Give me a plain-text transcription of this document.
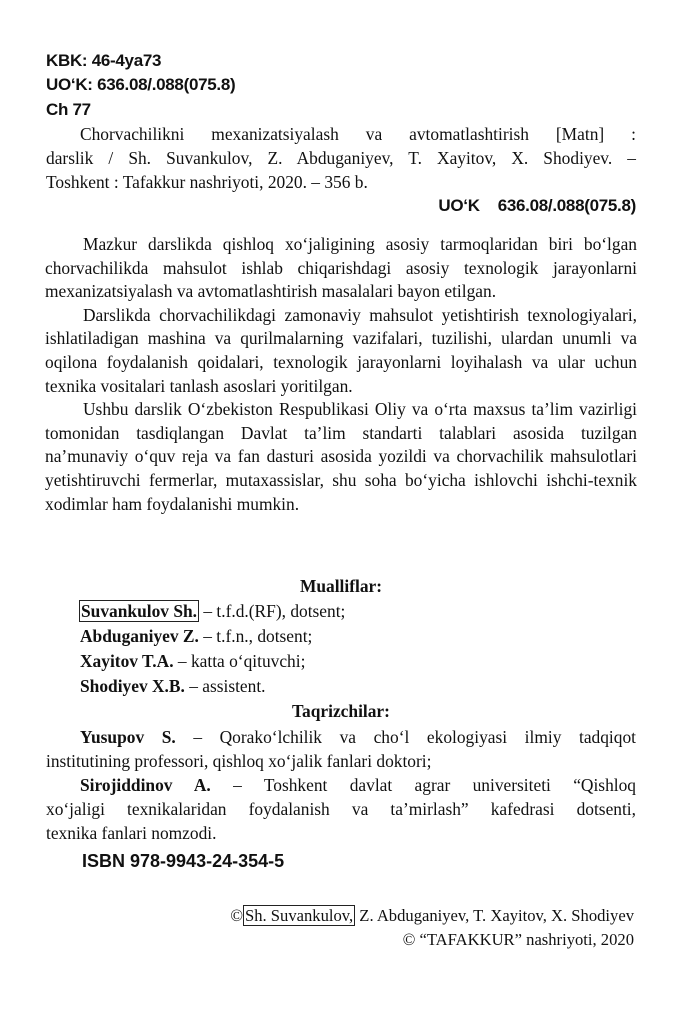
KBK: 46-4ya73
UO‘K: 636.08/.088(075.8)
Ch 77
Chorvachilikni mexanizatsiyalash va avtomatlashtirish [Matn] :
darslik / Sh. Suvankulov, Z. Abduganiyev, T. Xayitov, X. Shodiyev. –
Toshkent : Tafakkur nashriyoti, 2020. – 356 b.
UO‘K 636.08/.088(075.8)

Mazkur darslikda qishloq xo‘jaligining asosiy tarmoqlaridan biri bo‘lgan chorvachilikda mahsulot ishlab chiqarishdagi asosiy texnologik jarayonlarni mexanizatsiyalash va avtomatlashtirish masalalari bayon etilgan.

Darslikda chorvachilikdagi zamonaviy mahsulot yetishtirish texnologiyalari, ishlatiladigan mashina va qurilmalarning vazifalari, tuzilishi, ulardan unumli va oqilona foydalanish qoidalari, texnologik jarayonlarni loyihalash va ular uchun texnika vositalari tanlash asoslari yoritilgan.

Ushbu darslik O‘zbekiston Respublikasi Oliy va o‘rta maxsus ta’lim vazirligi tomonidan tasdiqlangan Davlat ta’lim standarti talablari asosida tuzilgan na’munaviy o‘quv reja va fan dasturi asosida yozildi va chorvachilik mahsulotlari yetishtiruvchi fermerlar, mutaxassislar, shu soha bo‘yicha ishlovchi ishchi-texnik xodimlar ham foydalanishi mumkin.

Mualliflar:
Suvankulov Sh. – t.f.d.(RF), dotsent;
Abduganiyev Z. – t.f.n., dotsent;
Xayitov T.A. – katta o‘qituvchi;
Shodiyev X.B. – assistent.
Taqrizchilar:
Yusupov S. – Qorako‘lchilik va cho‘l ekologiyasi ilmiy tadqiqot
institutining professori, qishloq xo‘jalik fanlari doktori;
Sirojiddinov A. – Toshkent davlat agrar universiteti “Qishloq
xo‘jaligi texnikalaridan foydalanish va ta’mirlash” kafedrasi dotsenti,
texnika fanlari nomzodi.
ISBN 978-9943-24-354-5
© Sh. Suvankulov, Z. Abduganiyev, T. Xayitov, X. Shodiyev
© “TAFAKKUR” nashriyoti, 2020
